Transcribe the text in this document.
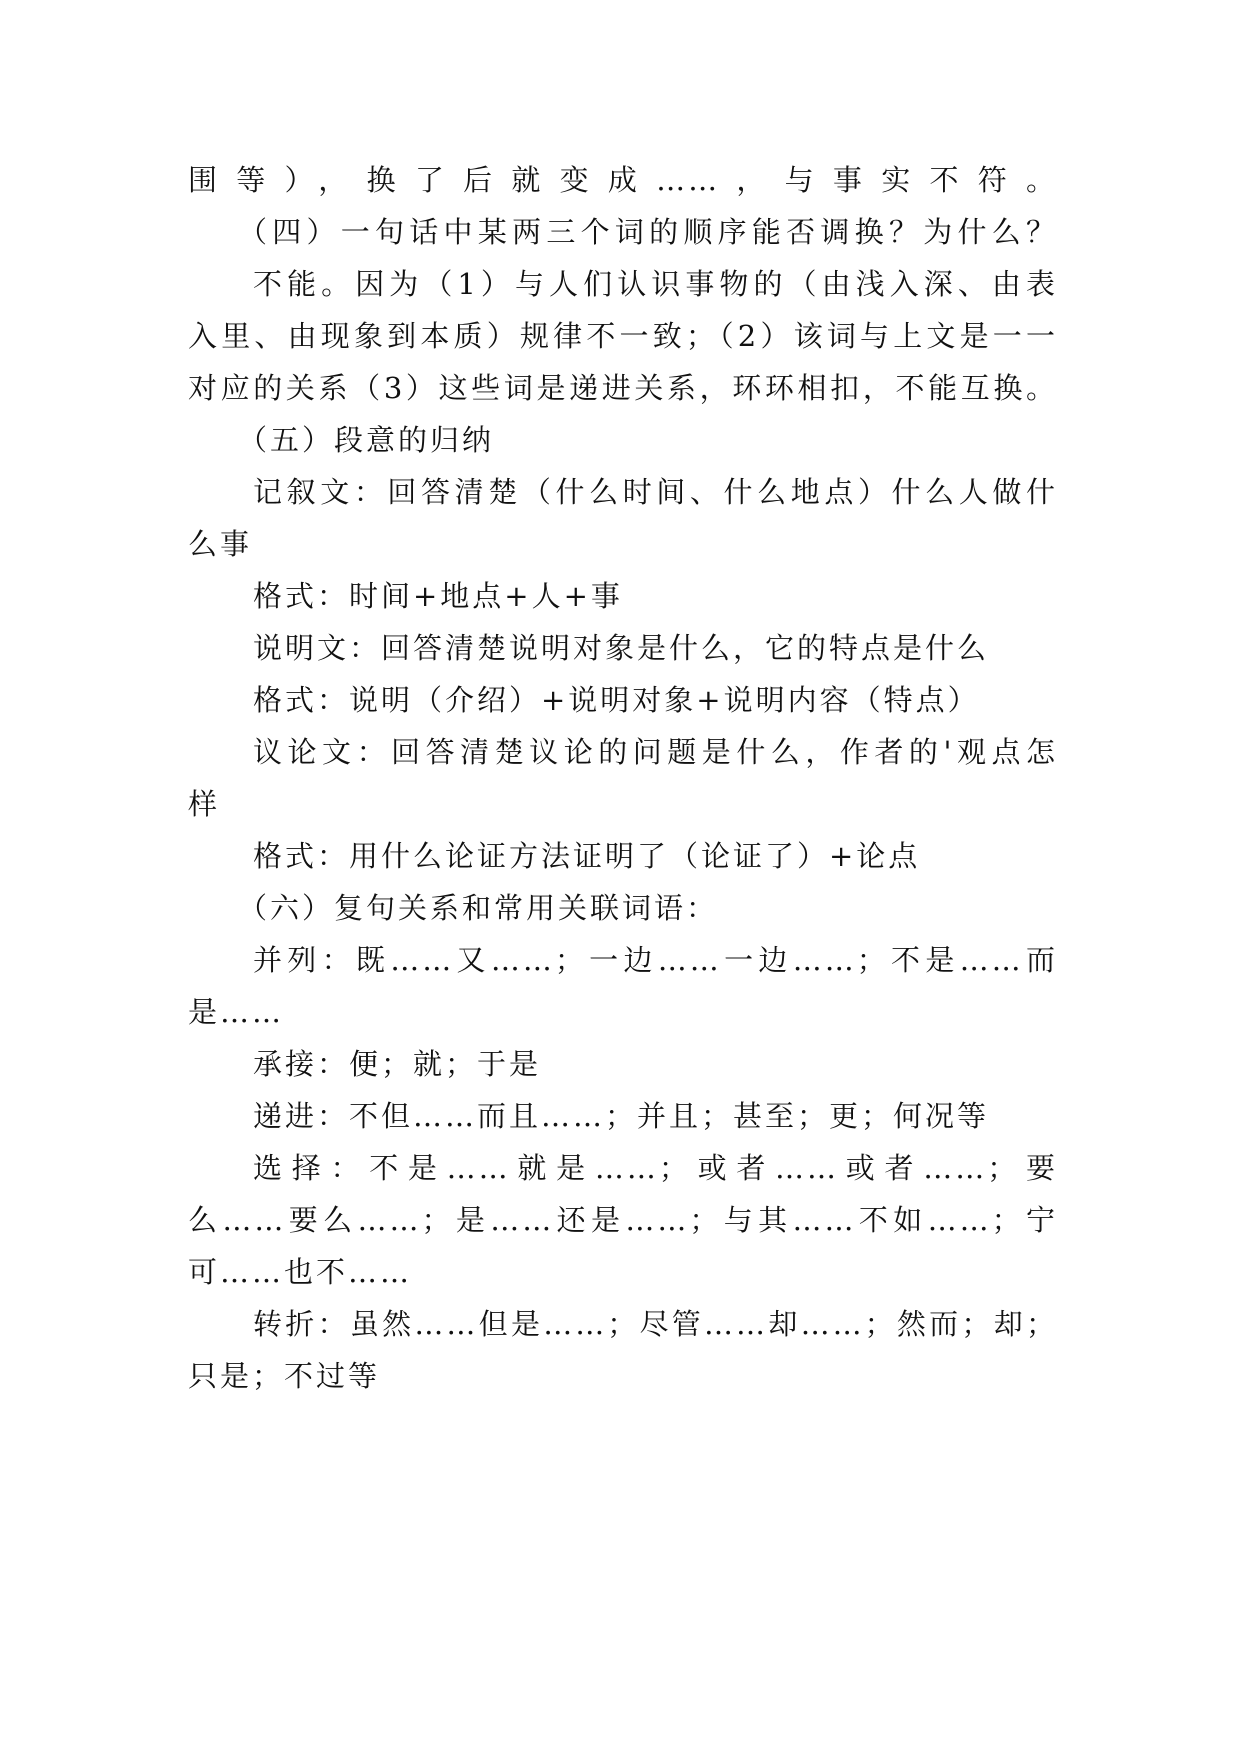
围等），换了后就变成……，与事实不符。
（四）一句话中某两三个词的顺序能否调换？为什么？
不能。因为（1）与人们认识事物的（由浅入深、由表
入里、由现象到本质）规律不一致；（2）该词与上文是一一
对应的关系（3）这些词是递进关系，环环相扣，不能互换。
（五）段意的归纳
记叙文：回答清楚（什么时间、什么地点）什么人做什
么事
格式：时间+地点+人+事
说明文：回答清楚说明对象是什么，它的特点是什么
格式：说明（介绍）+说明对象+说明内容（特点）
议论文：回答清楚议论的问题是什么，作者的'观点怎
样
格式：用什么论证方法证明了（论证了）+论点
（六）复句关系和常用关联词语：
并列：既……又……；一边……一边……；不是……而
是……
承接：便；就；于是
递进：不但……而且……；并且；甚至；更；何况等
选择：不是……就是……；或者……或者……；要
么……要么……；是……还是……；与其……不如……；宁
可……也不……
转折：虽然……但是……；尽管……却……；然而；却；
只是；不过等
